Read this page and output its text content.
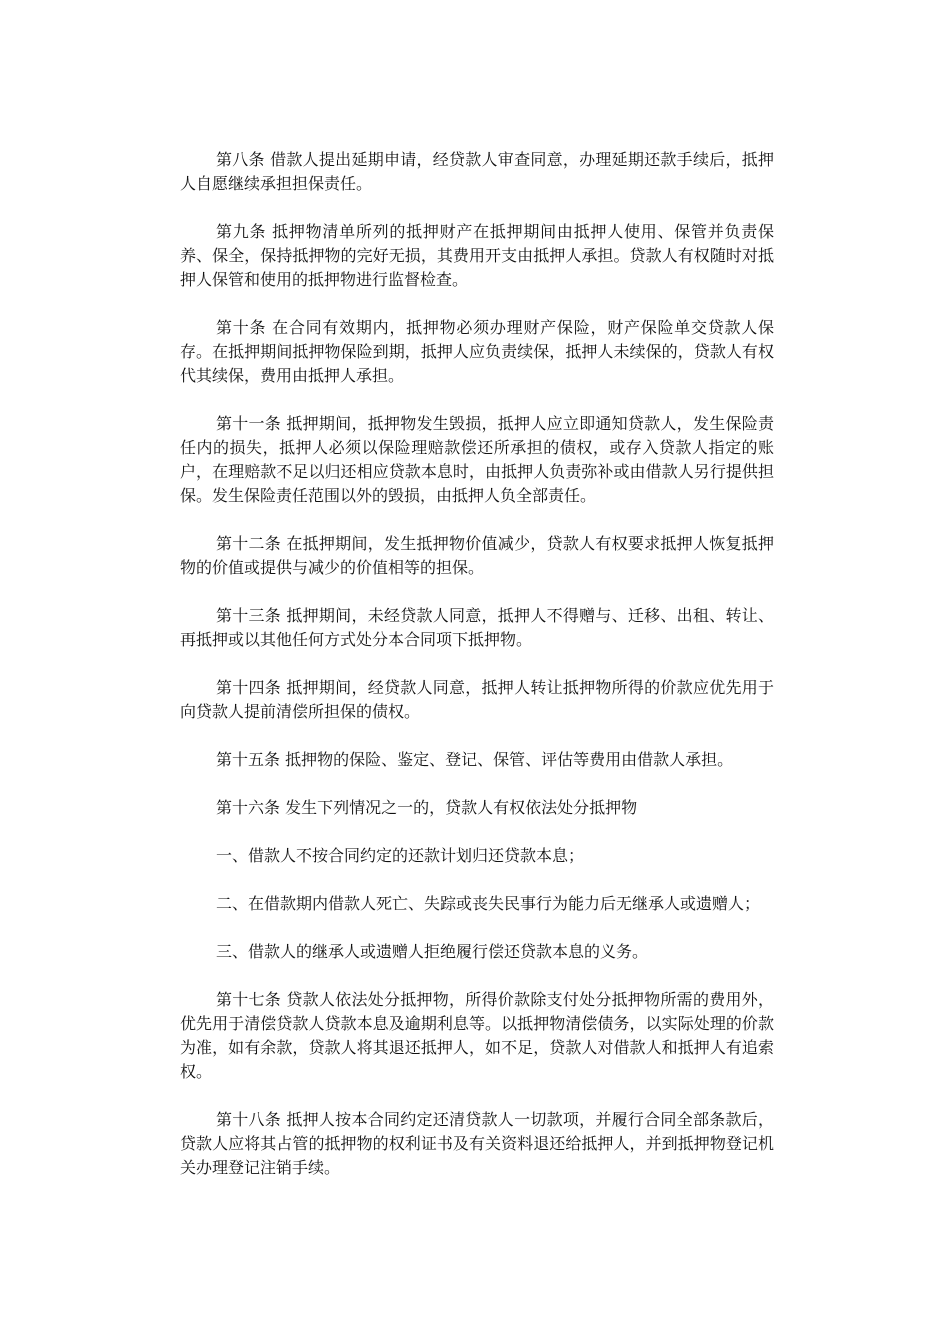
第八条 借款人提出延期申请，经贷款人审查同意，办理延期还款手续后，抵押人自愿继续承担担保责任。

第九条 抵押物清单所列的抵押财产在抵押期间由抵押人使用、保管并负责保养、保全，保持抵押物的完好无损，其费用开支由抵押人承担。贷款人有权随时对抵押人保管和使用的抵押物进行监督检查。

第十条 在合同有效期内，抵押物必须办理财产保险，财产保险单交贷款人保存。在抵押期间抵押物保险到期，抵押人应负责续保，抵押人未续保的，贷款人有权代其续保，费用由抵押人承担。

第十一条 抵押期间，抵押物发生毁损，抵押人应立即通知贷款人，发生保险责任内的损失，抵押人必须以保险理赔款偿还所承担的债权，或存入贷款人指定的账户，在理赔款不足以归还相应贷款本息时，由抵押人负责弥补或由借款人另行提供担保。发生保险责任范围以外的毁损，由抵押人负全部责任。

第十二条 在抵押期间，发生抵押物价值减少，贷款人有权要求抵押人恢复抵押物的价值或提供与减少的价值相等的担保。

第十三条 抵押期间，未经贷款人同意，抵押人不得赠与、迁移、出租、转让、再抵押或以其他任何方式处分本合同项下抵押物。

第十四条 抵押期间，经贷款人同意，抵押人转让抵押物所得的价款应优先用于向贷款人提前清偿所担保的债权。

第十五条 抵押物的保险、鉴定、登记、保管、评估等费用由借款人承担。

第十六条 发生下列情况之一的，贷款人有权依法处分抵押物

一、借款人不按合同约定的还款计划归还贷款本息；

二、在借款期内借款人死亡、失踪或丧失民事行为能力后无继承人或遗赠人；

三、借款人的继承人或遗赠人拒绝履行偿还贷款本息的义务。

第十七条 贷款人依法处分抵押物，所得价款除支付处分抵押物所需的费用外，优先用于清偿贷款人贷款本息及逾期利息等。以抵押物清偿债务，以实际处理的价款为准，如有余款，贷款人将其退还抵押人，如不足，贷款人对借款人和抵押人有追索权。

第十八条 抵押人按本合同约定还清贷款人一切款项，并履行合同全部条款后，贷款人应将其占管的抵押物的权利证书及有关资料退还给抵押人，并到抵押物登记机关办理登记注销手续。
